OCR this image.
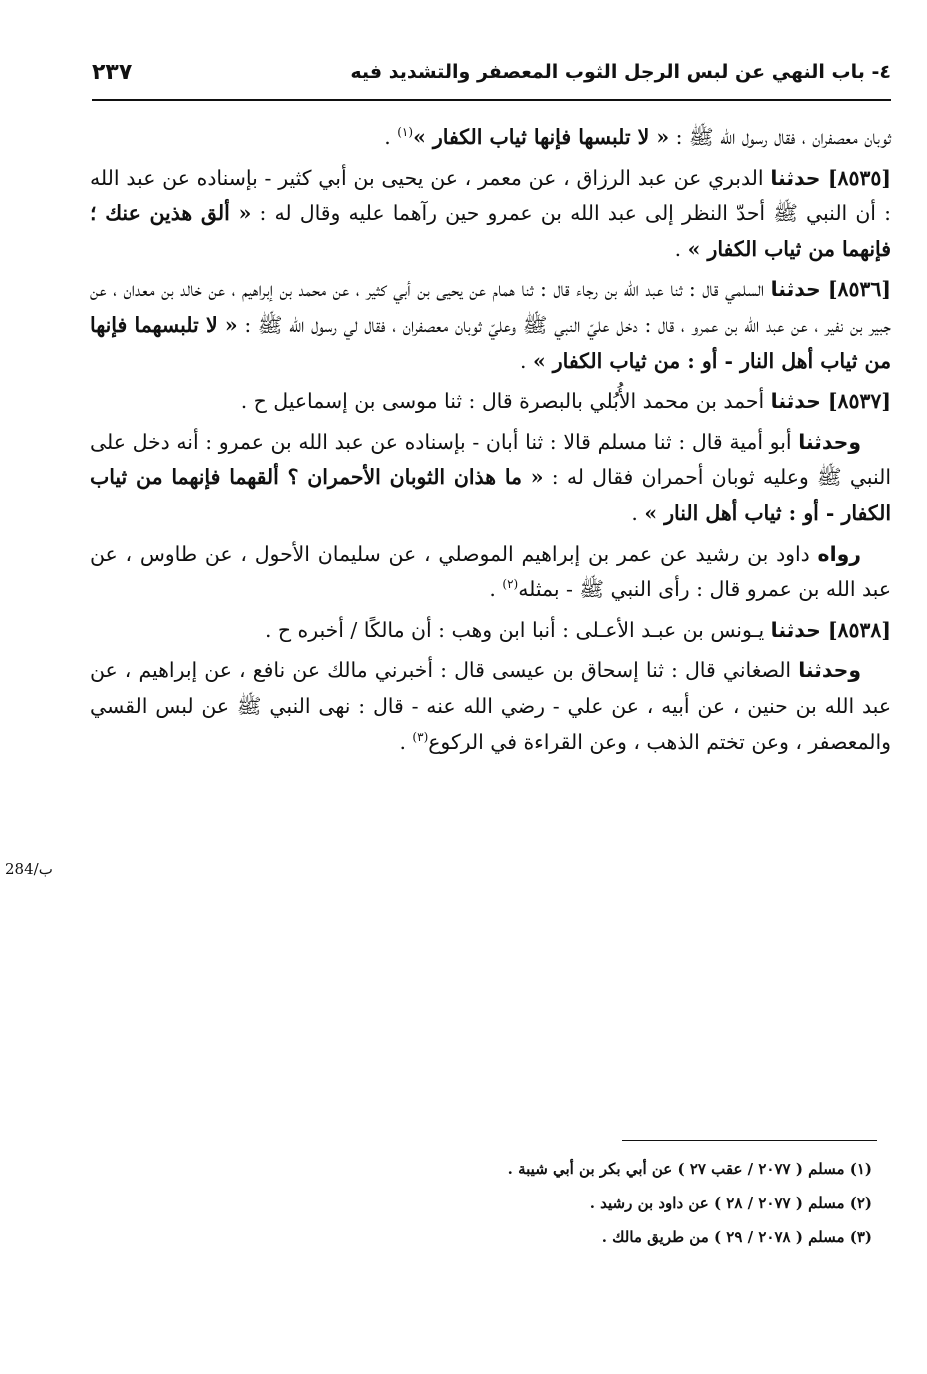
٤- باب النهي عن لبس الرجل الثوب المعصفر والتشديد فيه
٢٣٧
284/ب

ثوبان معصفران ، فقال رسول الله ﷺ : « لا تلبسها فإنها ثياب الكفار »$^{(١)}$ .

[٨٥٣٥] حدثنا الدبري عن عبد الرزاق ، عن معمر ، عن يحيى بن أبي كثير - بإسناده عن عبد الله : أن النبي ﷺ أحدّ النظر إلى عبد الله بن عمرو حين رآهما عليه وقال له : « ألق هذين عنك ؛ فإنهما من ثياب الكفار » .

[٨٥٣٦] حدثنا السلمي قال : ثنا عبد الله بن رجاء قال : ثنا همام عن يحيى بن أبي كثير ، عن محمد بن إبراهيم ، عن خالد بن معدان ، عن جبير بن نفير ، عن عبد الله بن عمرو ، قال : دخل عليّ النبي ﷺ وعليّ ثوبان معصفران ، فقال لي رسول الله ﷺ : « لا تلبسهما فإنها من ثياب أهل النار - أو : من ثياب الكفار » .

[٨٥٣٧] حدثنا أحمد بن محمد الأُبُلي بالبصرة قال : ثنا موسى بن إسماعيل ح .

وحدثنا أبو أمية قال : ثنا مسلم قالا : ثنا أبان - بإسناده عن عبد الله بن عمرو : أنه دخل على النبي ﷺ وعليه ثوبان أحمران فقال له : « ما هذان الثوبان الأحمران ؟ ألقهما فإنهما من ثياب الكفار - أو : ثياب أهل النار » .

رواه داود بن رشيد عن عمر بن إبراهيم الموصلي ، عن سليمان الأحول ، عن طاوس ، عن عبد الله بن عمرو قال : رأى النبي ﷺ - بمثله$^{(٢)}$ .

[٨٥٣٨] حدثنا يـونس بن عبـد الأعـلى : أنبا ابن وهب : أن مالكًا / أخبره ح .

وحدثنا الصغاني قال : ثنا إسحاق بن عيسى قال : أخبرني مالك عن نافع ، عن إبراهيم ، عن عبد الله بن حنين ، عن أبيه ، عن علي - رضي الله عنه - قال : نهى النبي ﷺ عن لبس القسي والمعصفر ، وعن تختم الذهب ، وعن القراءة في الركوع$^{(٣)}$ .

(١) مسلم ( ٢٠٧٧ / عقب ٢٧ ) عن أبي بكر بن أبي شيبة .

(٢) مسلم ( ٢٠٧٧ / ٢٨ ) عن داود بن رشيد .

(٣) مسلم ( ٢٠٧٨ / ٢٩ ) من طريق مالك .
